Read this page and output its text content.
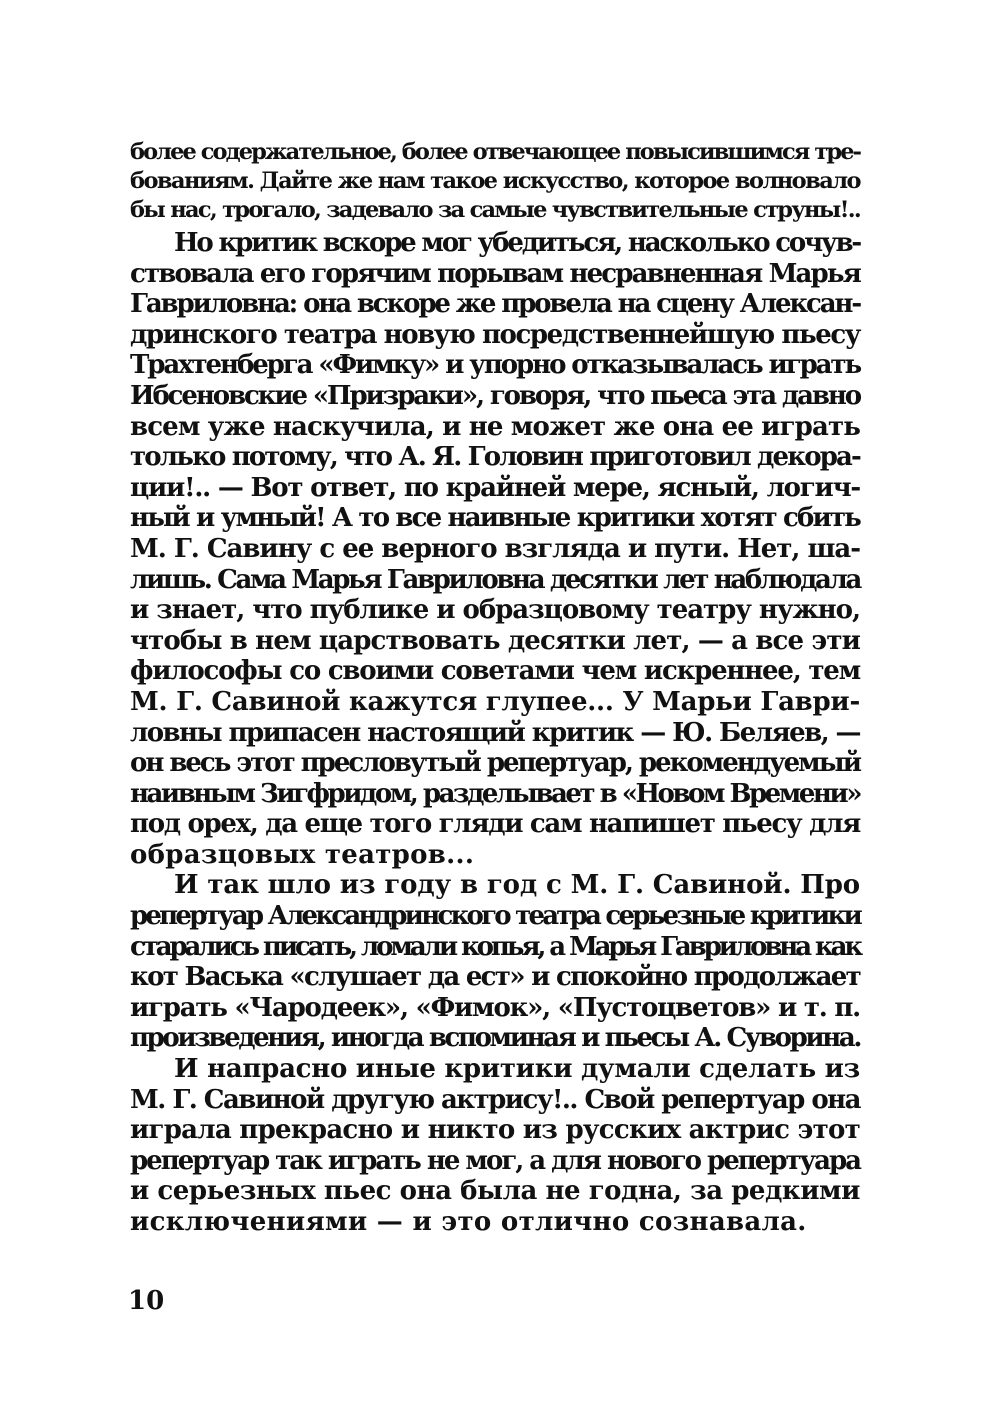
более содержательное, более отвечающее повысившимся тре-
бованиям. Дайте же нам такое искусство, которое волновало
бы нас, трогало, задевало за самые чувствительные струны!..
Но критик вскоре мог убедиться, насколько сочув-
ствовала его горячим порывам несравненная Марья
Гавриловна: она вскоре же провела на сцену Алексан-
дринского театра новую посредственнейшую пьесу
Трахтенберга «Фимку» и упорно отказывалась играть
Ибсеновские «Призраки», говоря, что пьеса эта давно
всем уже наскучила, и не может же она ее играть
только потому, что А. Я. Головин приготовил декора-
ции!.. — Вот ответ, по крайней мере, ясный, логич-
ный и умный! А то все наивные критики хотят сбить
М. Г. Савину с ее верного взгляда и пути. Нет, ша-
лишь. Сама Марья Гавриловна десятки лет наблюдала
и знает, что публике и образцовому театру нужно,
чтобы в нем царствовать десятки лет, — а все эти
философы со своими советами чем искреннее, тем
М. Г. Савиной кажутся глупее... У Марьи Гаври-
ловны припасен настоящий критик — Ю. Беляев, —
он весь этот пресловутый репертуар, рекомендуемый
наивным Зигфридом, разделывает в «Новом Времени»
под орех, да еще того гляди сам напишет пьесу для
образцовых театров...
И так шло из году в год с М. Г. Савиной. Про
репертуар Александринского театра серьезные критики
старались писать, ломали копья, а Марья Гавриловна как
кот Васька «слушает да ест» и спокойно продолжает
играть «Чародеек», «Фимок», «Пустоцветов» и т. п.
произведения, иногда вспоминая и пьесы А. Суворина.
И напрасно иные критики думали сделать из
М. Г. Савиной другую актрису!.. Свой репертуар она
играла прекрасно и никто из русских актрис этот
репертуар так играть не мог, а для нового репертуара
и серьезных пьес она была не годна, за редкими
исключениями — и это отлично сознавала.
10
